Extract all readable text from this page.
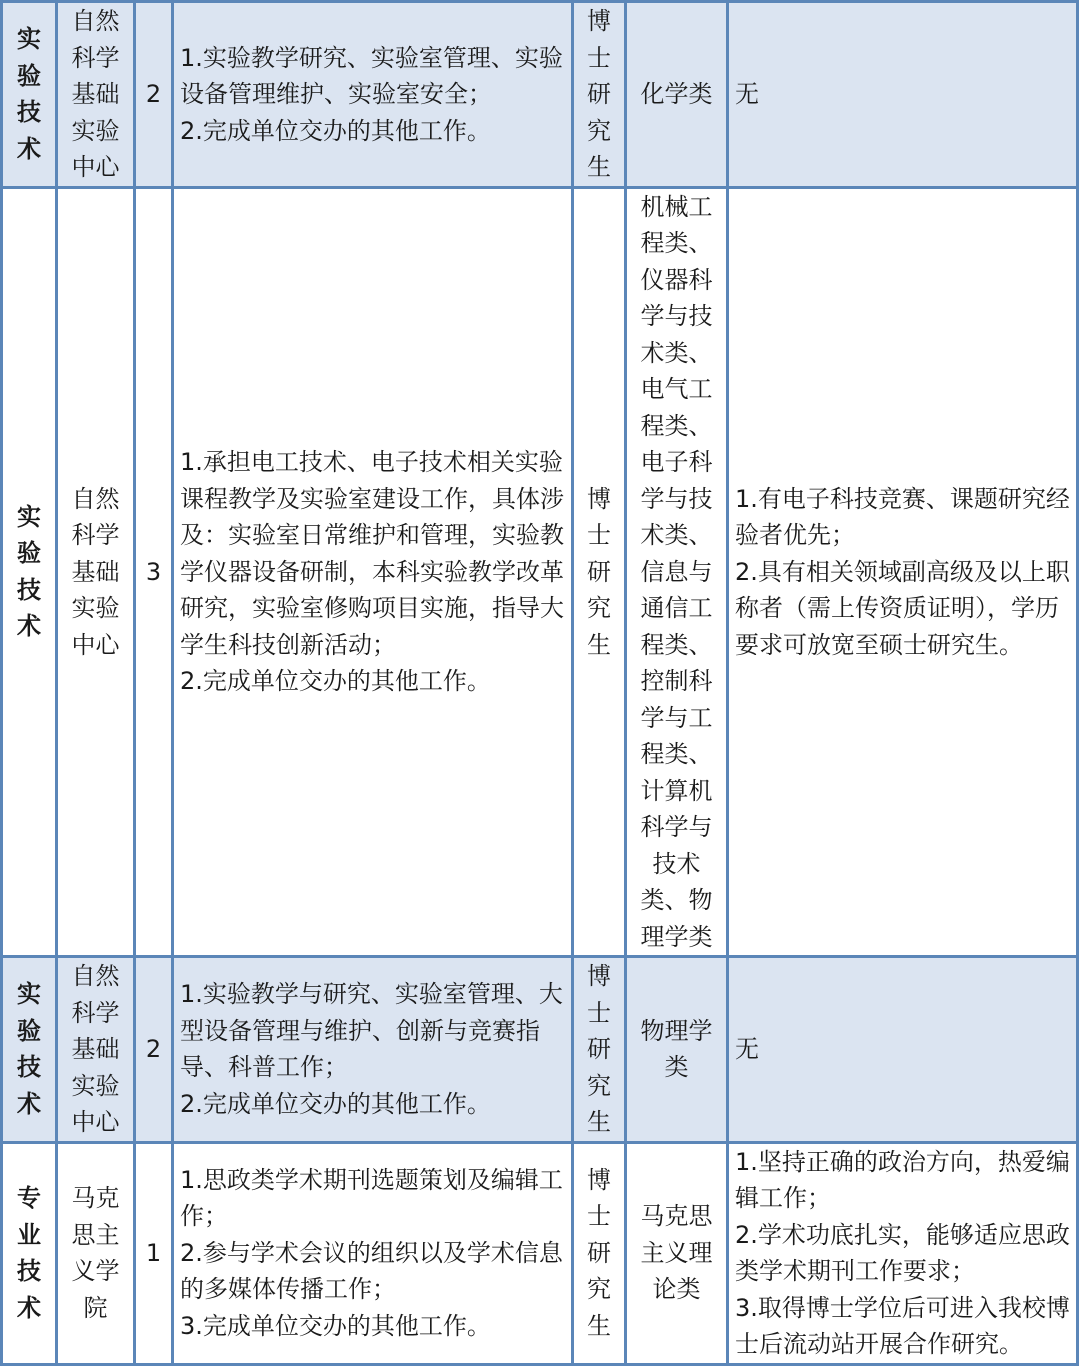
实验技术	自然科学基础实验中心	2	1.实验教学研究、实验室管理、实验设备管理维护、实验室安全；
2.完成单位交办的其他工作。	博士研究生	化学类	无

实验技术	自然科学基础实验中心	3	1.承担电工技术、电子技术相关实验课程教学及实验室建设工作，具体涉及：实验室日常维护和管理，实验教学仪器设备研制，本科实验教学改革研究，实验室修购项目实施，指导大学生科技创新活动；
2.完成单位交办的其他工作。	博士研究生	机械工程类、仪器科学与技术类、电气工程类、电子科学与技术类、信息与通信工程类、控制科学与工程类、计算机科学与技术类、物理学类	1.有电子科技竞赛、课题研究经验者优先；
2.具有相关领域副高级及以上职称者（需上传资质证明），学历要求可放宽至硕士研究生。

实验技术	自然科学基础实验中心	2	1.实验教学与研究、实验室管理、大型设备管理与维护、创新与竞赛指导、科普工作；
2.完成单位交办的其他工作。	博士研究生	物理学类	无

专业技术	马克思主义学院	1	1.思政类学术期刊选题策划及编辑工作；
2.参与学术会议的组织以及学术信息的多媒体传播工作；
3.完成单位交办的其他工作。	博士研究生	马克思主义理论类	1.坚持正确的政治方向，热爱编辑工作；
2.学术功底扎实，能够适应思政类学术期刊工作要求；
3.取得博士学位后可进入我校博士后流动站开展合作研究。
